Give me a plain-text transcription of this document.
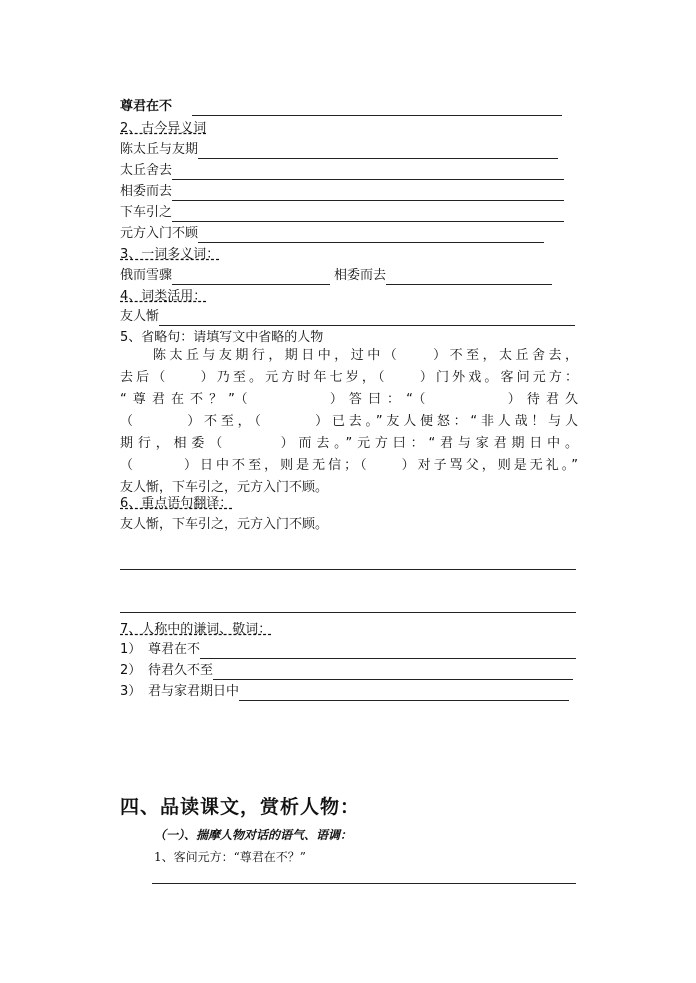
尊君在不
2、古今异义词
陈太丘与友期
太丘舍去
相委而去
下车引之
元方入门不顾
3、一词多义词：
俄而雪骤	相委而去
4、词类活用：
友人惭
5、省略句：请填写文中省略的人物
　　陈太丘与友期行，期日中，过中（　　）不至，太丘舍去，
去后（　　）乃至。元方时年七岁，（　　）门外戏。客问元方：
“尊君在不？”（　　　　）答曰：“（　　　　）待君久
（　　　）不至，（　　　）已去。”友人便怒：“非人哉！与人
期行，相委（　　　）而去。”元方曰：“君与家君期日中。
（　　　）日中不至，则是无信；（　　）对子骂父，则是无礼。”
友人惭，下车引之，元方入门不顾。
6、重点语句翻译：
友人惭，下车引之，元方入门不顾。
7、人称中的谦词、敬词：
1） 尊君在不
2） 待君久不至
3） 君与家君期日中
四、品读课文，赏析人物：
（一）、揣摩人物对话的语气、语调：
1、客问元方：“尊君在不？”
